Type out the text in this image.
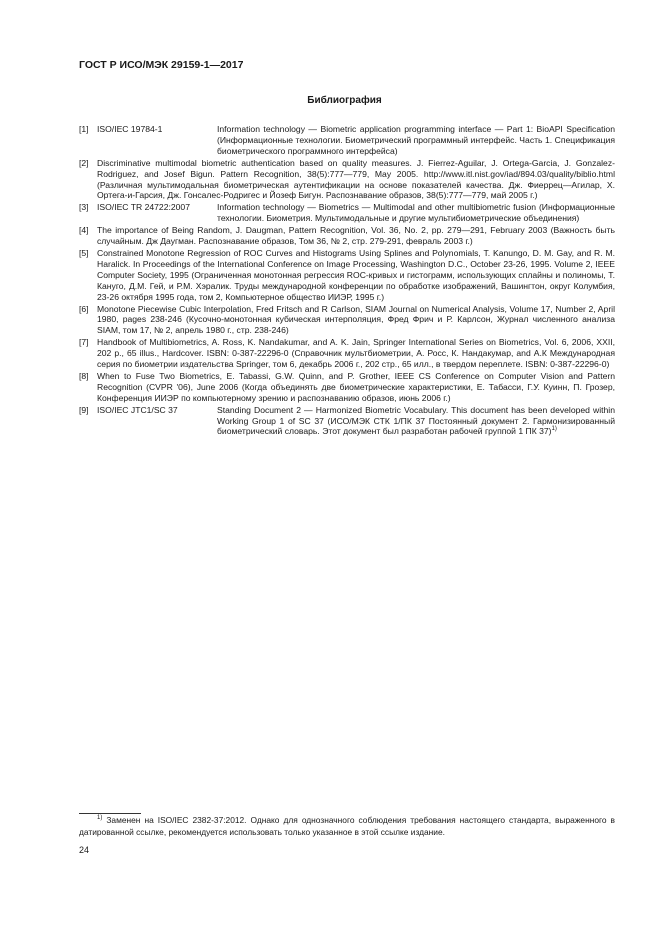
ГОСТ Р ИСО/МЭК 29159-1—2017
Библиография
[1] ISO/IEC 19784-1	Information technology — Biometric application programming interface — Part 1: BioAPI Specification (Информационные технологии. Биометрический программный интерфейс. Часть 1. Спецификация биометрического программного интерфейса)
[2] Discriminative multimodal biometric authentication based on quality measures. J. Fierrez-Aguilar, J. Ortega-Garcia, J. Gonzalez-Rodriguez, and Josef Bigun. Pattern Recognition, 38(5):777—779, May 2005. http://www.itl.nist.gov/iad/894.03/quality/biblio.html (Различная мультимодальная биометрическая аутентификации на основе показателей качества. Дж. Фиеррец—Агилар, Х. Ортега-и-Гарсия, Дж. Гонсалес-Родригес и Йозеф Бигун. Распознавание образов, 38(5):777—779, май 2005 г.)
[3] ISO/IEC TR 24722:2007	Information technology — Biometrics — Multimodal and other multibiometric fusion (Информационные технологии. Биометрия. Мультимодальные и другие мультибиометрические объединения)
[4] The importance of Being Random, J. Daugman, Pattern Recognition, Vol. 36, No. 2, pp. 279—291, February 2003 (Важность быть случайным. Дж Даугман. Распознавание образов, Том 36, № 2, стр. 279-291, февраль 2003 г.)
[5] Constrained Monotone Regression of ROC Curves and Histograms Using Splines and Polynomials, T. Kanungo, D. M. Gay, and R. M. Haralick. In Proceedings of the International Conference on Image Processing, Washington D.C., October 23-26, 1995. Volume 2, IEEE Computer Society, 1995 (Ограниченная монотонная регрессия ROC-кривых и гистограмм, использующих сплайны и полиномы, Т. Кануго, Д.М. Гей, и Р.М. Хэралик. Труды международной конференции по обработке изображений, Вашингтон, округ Колумбия, 23-26 октября 1995 года, том 2, Компьютерное общество ИИЭР, 1995 г.)
[6] Monotone Piecewise Cubic Interpolation, Fred Fritsch and R Carlson, SIAM Journal on Numerical Analysis, Volume 17, Number 2, April 1980, pages 238-246 (Кусочно-монотонная кубическая интерполяция, Фред Фрич и Р. Карлсон, Журнал численного анализа SIAM, том 17, № 2, апрель 1980 г., стр. 238-246)
[7] Handbook of Multibiometrics, A. Ross, K. Nandakumar, and A. K. Jain, Springer International Series on Biometrics, Vol. 6, 2006, XXII, 202 p., 65 illus., Hardcover. ISBN: 0-387-22296-0 (Справочник мультбиометрии, А. Росс, К. Нандакумар, and А.К Международная серия по биометрии издательства Springer, том 6, декабрь 2006 г., 202 стр., 65 илл., в твердом переплете. ISBN: 0-387-22296-0)
[8] When to Fuse Two Biometrics, E. Tabassi, G.W. Quinn, and P. Grother, IEEE CS Conference on Computer Vision and Pattern Recognition (CVPR '06), June 2006 (Когда объединять две биометрические характеристики, Е. Табасси, Г.У. Куинн, П. Грозер, Конференция ИИЭР по компьютерному зрению и распознаванию образов, июнь 2006 г.)
[9] ISO/IEC JTC1/SC 37	Standing Document 2 — Harmonized Biometric Vocabulary. This document has been developed within Working Group 1 of SC 37 (ИСО/МЭК СТК 1/ПК 37 Постоянный документ 2. Гармонизированный биометрический словарь. Этот документ был разработан рабочей группой 1 ПК 37)$^{1)}$
$^{1)}$ Заменен на ISO/IEC 2382-37:2012. Однако для однозначного соблюдения требования настоящего стандарта, выраженного в датированной ссылке, рекомендуется использовать только указанное в этой ссылке издание.
24
